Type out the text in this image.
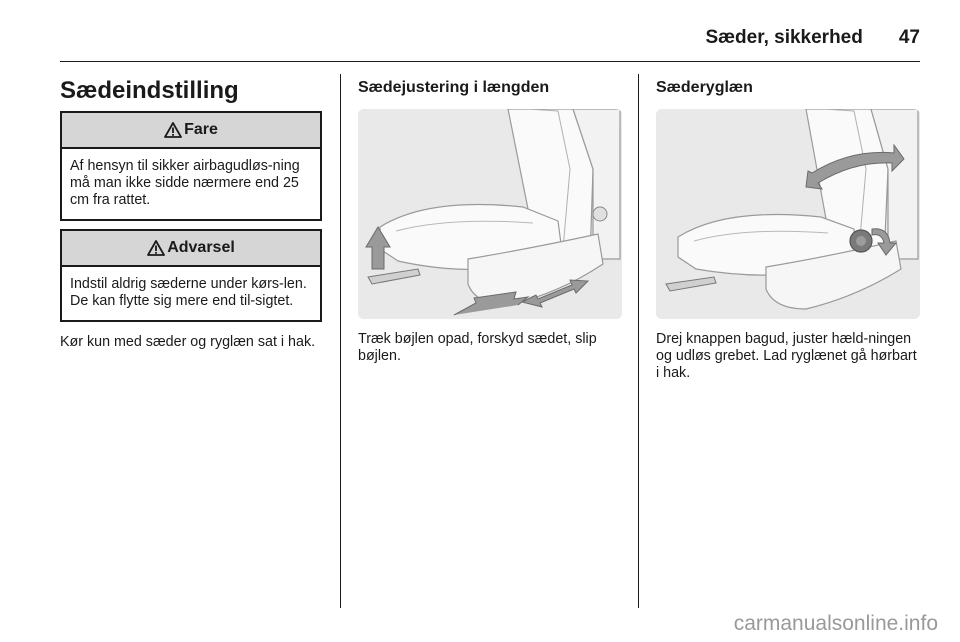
Sæder, sikkerhed 47
Sædeindstilling
Fare
Af hensyn til sikker airbagudløs-ning må man ikke sidde nærmere end 25 cm fra rattet.
Advarsel
Indstil aldrig sæderne under kørs-len. De kan flytte sig mere end til-sigtet.
Kør kun med sæder og ryglæn sat i hak.
Sædejustering i længden
Træk bøjlen opad, forskyd sædet, slip bøjlen.
Sæderyglæn
Drej knappen bagud, juster hæld-ningen og udløs grebet. Lad ryglænet gå hørbart i hak.
carmanualsonline.info
